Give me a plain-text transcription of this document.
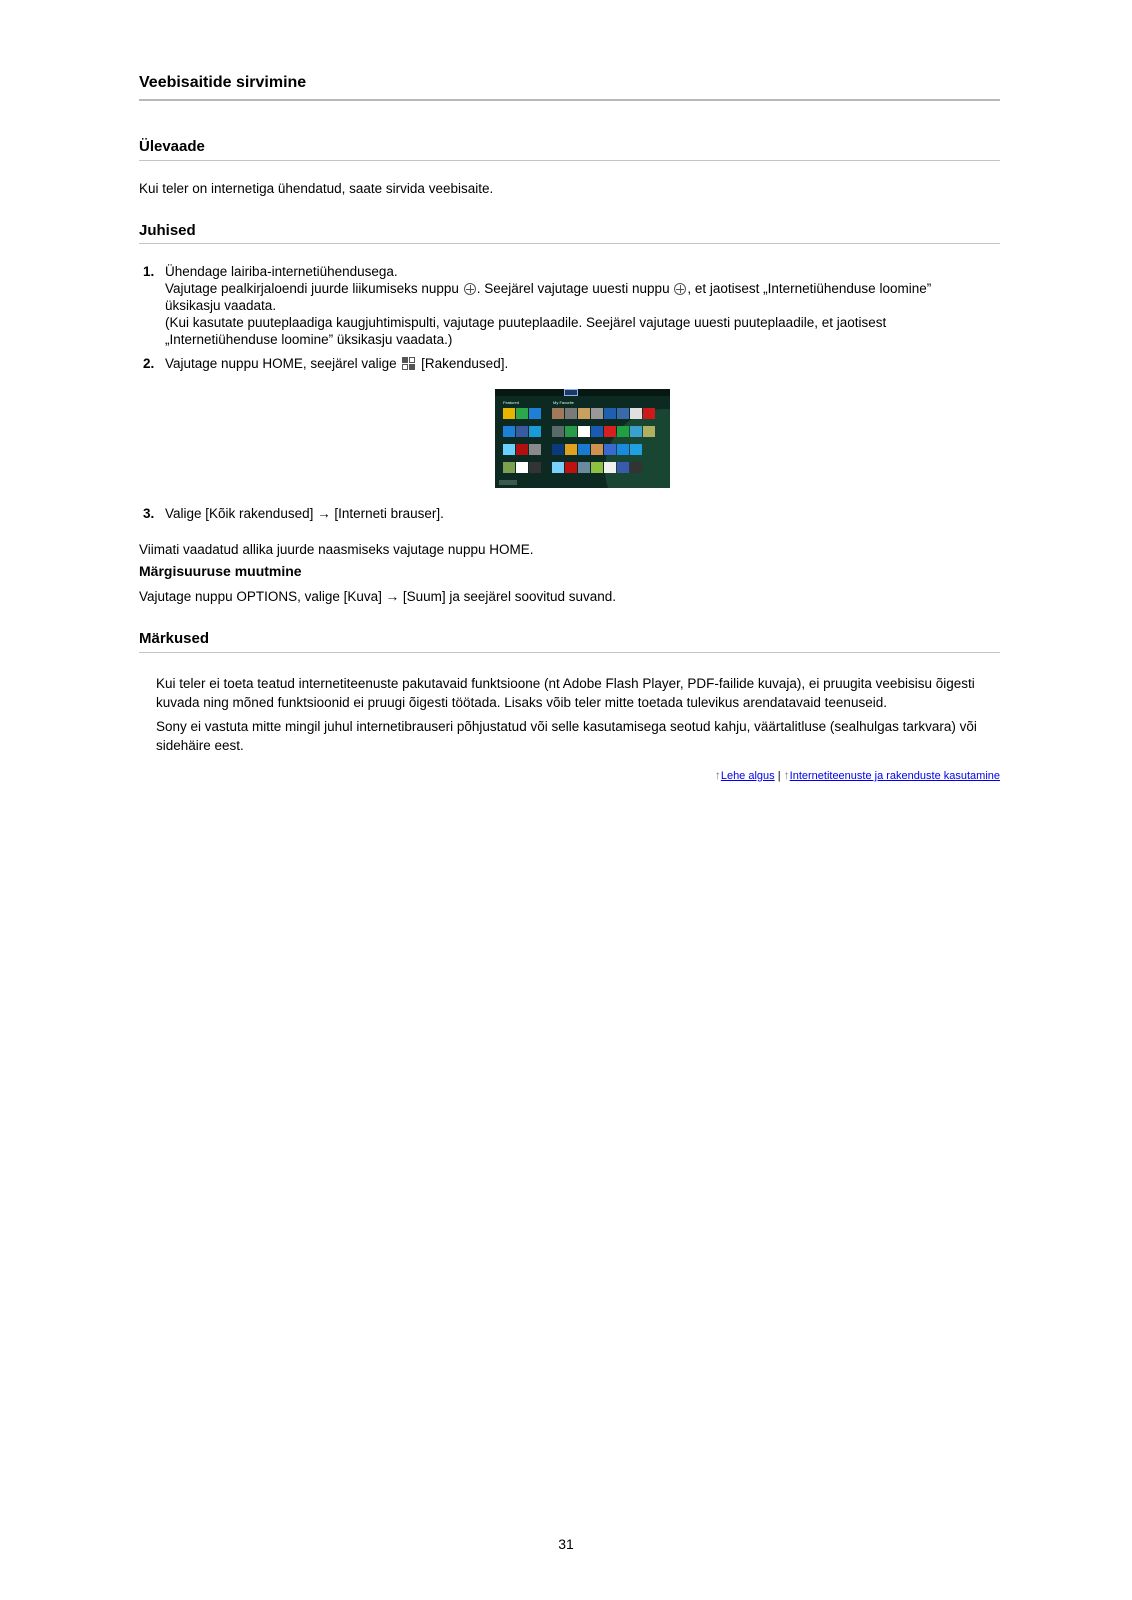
Veebisaitide sirvimine
Ülevaade

Kui teler on internetiga ühendatud, saate sirvida veebisaite.

Juhised
1. Ühendage lairiba-internetiühendusega.
Vajutage pealkirjaloendi juurde liikumiseks nuppu . Seejärel vajutage uuesti nuppu , et jaotisest „Internetiühenduse loomine”
üksikasju vaadata.
(Kui kasutate puuteplaadiga kaugjuhtimispulti, vajutage puuteplaadile. Seejärel vajutage uuesti puuteplaadile, et jaotisest
„Internetiühenduse loomine” üksikasju vaadata.)
2. Vajutage nuppu HOME, seejärel valige
[Rakendused].
Featured	My Favorite
3. Valige [Kõik rakendused] → [Interneti brauser].

Viimati vaadatud allika juurde naasmiseks vajutage nuppu HOME.

Märgisuuruse muutmine

Vajutage nuppu OPTIONS, valige [Kuva] → [Suum] ja seejärel soovitud suvand.

Märkused

Kui teler ei toeta teatud internetiteenuste pakutavaid funktsioone (nt Adobe Flash Player, PDF-failide kuvaja), ei pruugita veebisisu õigesti kuvada ning mõned funktsioonid ei pruugi õigesti töötada. Lisaks võib teler mitte toetada tulevikus arendatavaid teenuseid.

Sony ei vastuta mitte mingil juhul internetibrauseri põhjustatud või selle kasutamisega seotud kahju, väärtalitluse (sealhulgas tarkvara) või sidehäire eest.

↑Lehe algus | ↑Internetiteenuste ja rakenduste kasutamine
31
